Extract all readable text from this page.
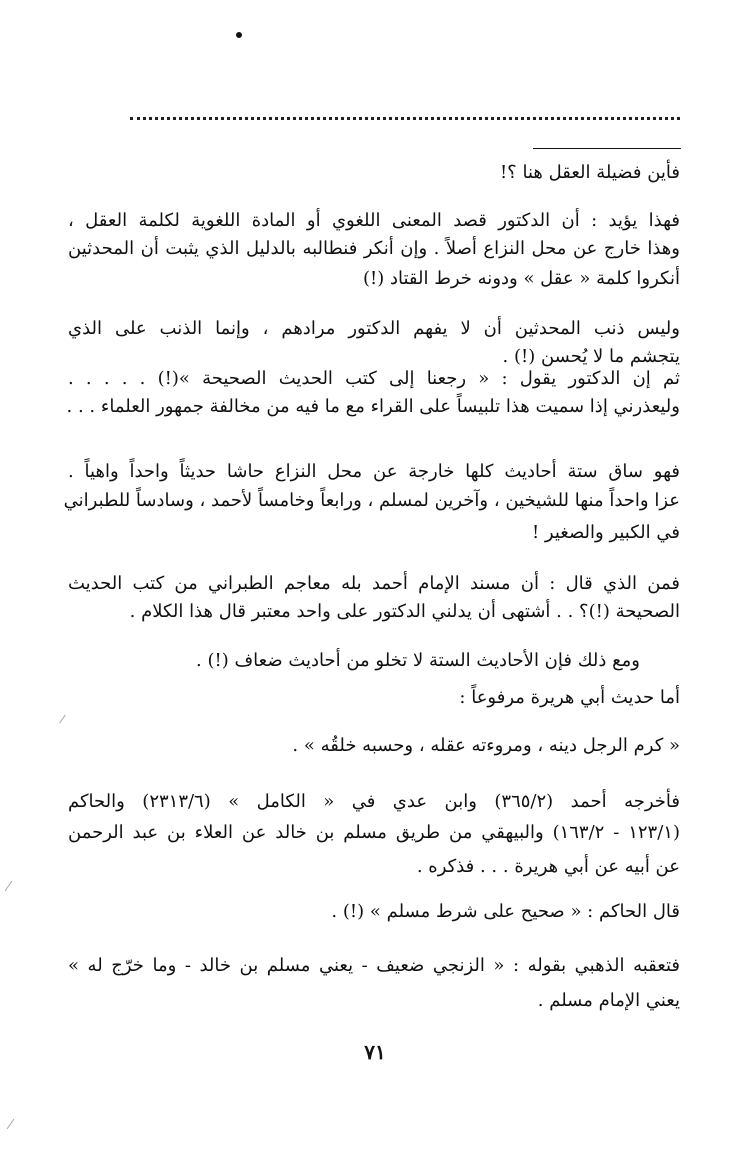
فأين فضيلة العقل هنا ؟!
فهذا يؤيد : أن الدكتور قصد المعنى اللغوي أو المادة اللغوية لكلمة العقل ،
وهذا خارج عن محل النزاع أصلاً . وإن أنكر فنطالبه بالدليل الذي يثبت أن المحدثين
أنكروا كلمة « عقل » ودونه خرط القتاد (!)
وليس ذنب المحدثين أن لا يفهم الدكتور مرادهم ، وإنما الذنب على الذي
يتجشم ما لا يُحسن (!) .
ثم إن الدكتور يقول : « رجعنا إلى كتب الحديث الصحيحة »(!) . . . . .
وليعذرني إذا سميت هذا تلبيساً على القراء مع ما فيه من مخالفة جمهور العلماء . . .
فهو ساق ستة أحاديث كلها خارجة عن محل النزاع حاشا حديثاً واحداً واهياً .
عزا واحداً منها للشيخين ، وآخرين لمسلم ، ورابعاً وخامساً لأحمد ، وسادساً للطبراني
في الكبير والصغير !
فمن الذي قال : أن مسند الإمام أحمد بله معاجم الطبراني من كتب الحديث
الصحيحة (!)؟ . . أشتهى أن يدلني الدكتور على واحد معتبر قال هذا الكلام .
ومع ذلك فإن الأحاديث الستة لا تخلو من أحاديث ضعاف (!) .
أما حديث أبي هريرة مرفوعاً :
« كرم الرجل دينه ، ومروءته عقله ، وحسبه خلقُه » .
فأخرجه أحمد (٣٦٥/٢) وابن عدي في « الكامل » (٢٣١٣/٦) والحاكم
(١٢٣/١ - ١٦٣/٢) والبيهقي من طريق مسلم بن خالد عن العلاء بن عبد الرحمن
عن أبيه عن أبي هريرة . . . فذكره .
قال الحاكم : « صحيح على شرط مسلم » (!) .
فتعقبه الذهبي بقوله : « الزنجي ضعيف - يعني مسلم بن خالد - وما خرّج له »
يعني الإمام مسلم .
٧١
